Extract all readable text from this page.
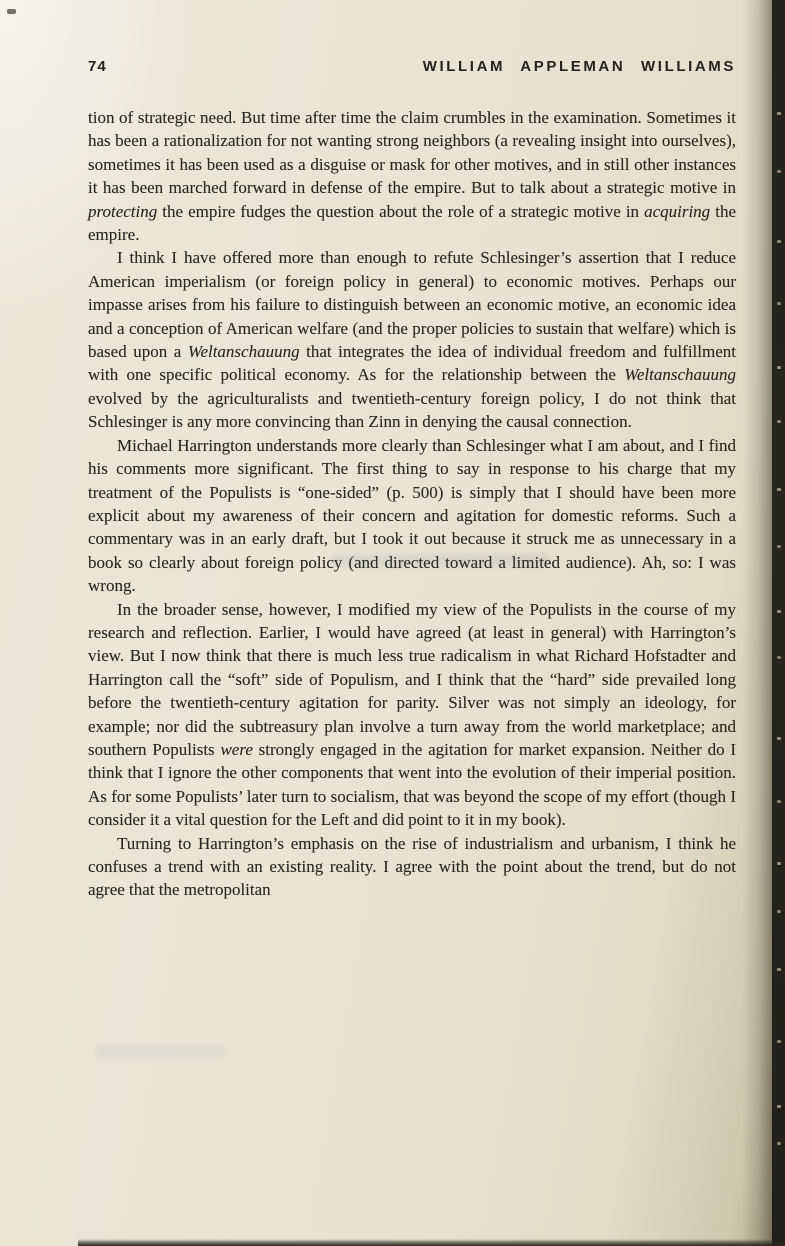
74	WILLIAM APPLEMAN WILLIAMS

tion of strategic need. But time after time the claim crumbles in the examination. Sometimes it has been a rationalization for not wanting strong neighbors (a revealing insight into ourselves), sometimes it has been used as a disguise or mask for other motives, and in still other instances it has been marched forward in defense of the empire. But to talk about a strategic motive in protecting the empire fudges the question about the role of a strategic motive in acquiring the empire.

I think I have offered more than enough to refute Schlesinger’s assertion that I reduce American imperialism (or foreign policy in general) to economic motives. Perhaps our impasse arises from his failure to distinguish between an economic motive, an economic idea and a conception of American welfare (and the proper policies to sustain that welfare) which is based upon a Weltanschauung that integrates the idea of individual freedom and fulfillment with one specific political economy. As for the relationship between the Weltanschauung evolved by the agriculturalists and twentieth-century foreign policy, I do not think that Schlesinger is any more convincing than Zinn in denying the causal connection.

Michael Harrington understands more clearly than Schlesinger what I am about, and I find his comments more significant. The first thing to say in response to his charge that my treatment of the Populists is “one-sided” (p. 500) is simply that I should have been more explicit about my awareness of their concern and agitation for domestic reforms. Such a commentary was in an early draft, but I took it out because it struck me as unnecessary in a book so clearly about foreign policy (and directed toward a limited audience). Ah, so: I was wrong.

In the broader sense, however, I modified my view of the Populists in the course of my research and reflection. Earlier, I would have agreed (at least in general) with Harrington’s view. But I now think that there is much less true radicalism in what Richard Hofstadter and Harrington call the “soft” side of Populism, and I think that the “hard” side prevailed long before the twentieth-century agitation for parity. Silver was not simply an ideology, for example; nor did the subtreasury plan involve a turn away from the world marketplace; and southern Populists were strongly engaged in the agitation for market expansion. Neither do I think that I ignore the other components that went into the evolution of their imperial position. As for some Populists’ later turn to socialism, that was beyond the scope of my effort (though I consider it a vital question for the Left and did point to it in my book).

Turning to Harrington’s emphasis on the rise of industrialism and urbanism, I think he confuses a trend with an existing reality. I agree with the point about the trend, but do not agree that the metropolitan
